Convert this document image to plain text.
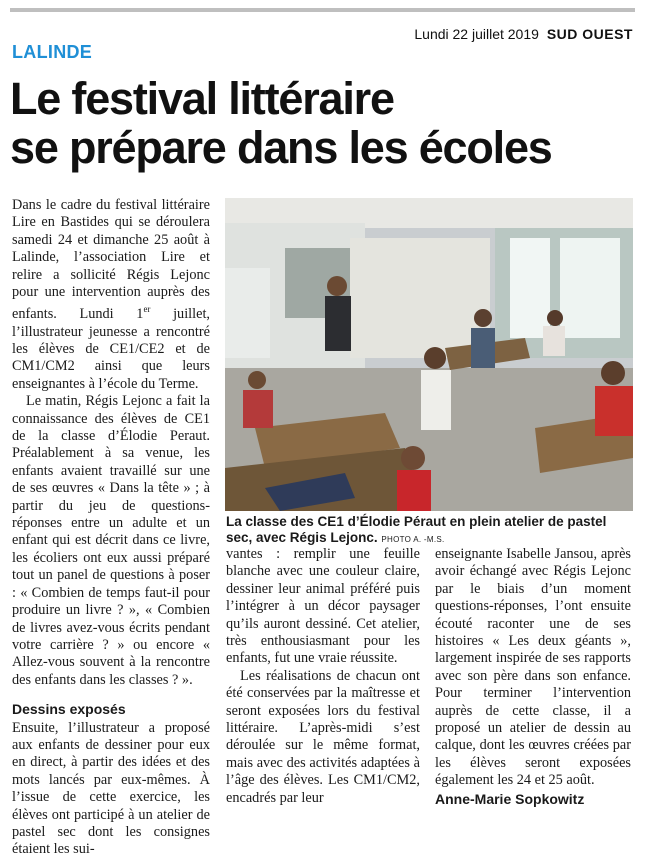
Lundi 22 juillet 2019 SUD OUEST
LALINDE
Le festival littéraire
se prépare dans les écoles

Dans le cadre du festival littéraire Lire en Bastides qui se déroulera samedi 24 et dimanche 25 août à Lalinde, l’association Lire et relire a sollicité Régis Lejonc pour une intervention auprès des enfants. Lundi 1er juillet, l’illustrateur jeunesse a rencontré les élèves de CE1/CE2 et de CM1/CM2 ainsi que leurs enseignantes à l’école du Terme.

Le matin, Régis Lejonc a fait la connaissance des élèves de CE1 de la classe d’Élodie Peraut. Préalablement à sa venue, les enfants avaient travaillé sur une de ses œuvres « Dans la tête » ; à partir du jeu de questions-réponses entre un adulte et un enfant qui est décrit dans ce livre, les écoliers ont eux aussi préparé tout un panel de questions à poser : « Combien de temps faut-il pour produire un livre ? », « Combien de livres avez-vous écrits pendant votre carrière ? » ou encore « Allez-vous souvent à la rencontre des enfants dans les classes ? ».

Dessins exposés

Ensuite, l’illustrateur a proposé aux enfants de dessiner pour eux en direct, à partir des idées et des mots lancés par eux-mêmes. À l’issue de cette exercice, les élèves ont participé à un atelier de pastel sec dont les consignes étaient les sui-

La classe des CE1 d’Élodie Péraut en plein atelier de pastel sec, avec Régis Lejonc. PHOTO A. -M.S.

vantes : remplir une feuille blanche avec une couleur claire, dessiner leur animal préféré puis l’intégrer à un décor paysager qu’ils auront dessiné. Cet atelier, très enthousiasmant pour les enfants, fut une vraie réussite.

Les réalisations de chacun ont été conservées par la maîtresse et seront exposées lors du festival littéraire. L’après-midi s’est déroulée sur le même format, mais avec des activités adaptées à l’âge des élèves. Les CM1/CM2, encadrés par leur

enseignante Isabelle Jansou, après avoir échangé avec Régis Lejonc par le biais d’un moment questions-réponses, l’ont ensuite écouté raconter une de ses histoires « Les deux géants », largement inspirée de ses rapports avec son père dans son enfance. Pour terminer l’intervention auprès de cette classe, il a proposé un atelier de dessin au calque, dont les œuvres créées par les élèves seront exposées également les 24 et 25 août.

Anne-Marie Sopkowitz
